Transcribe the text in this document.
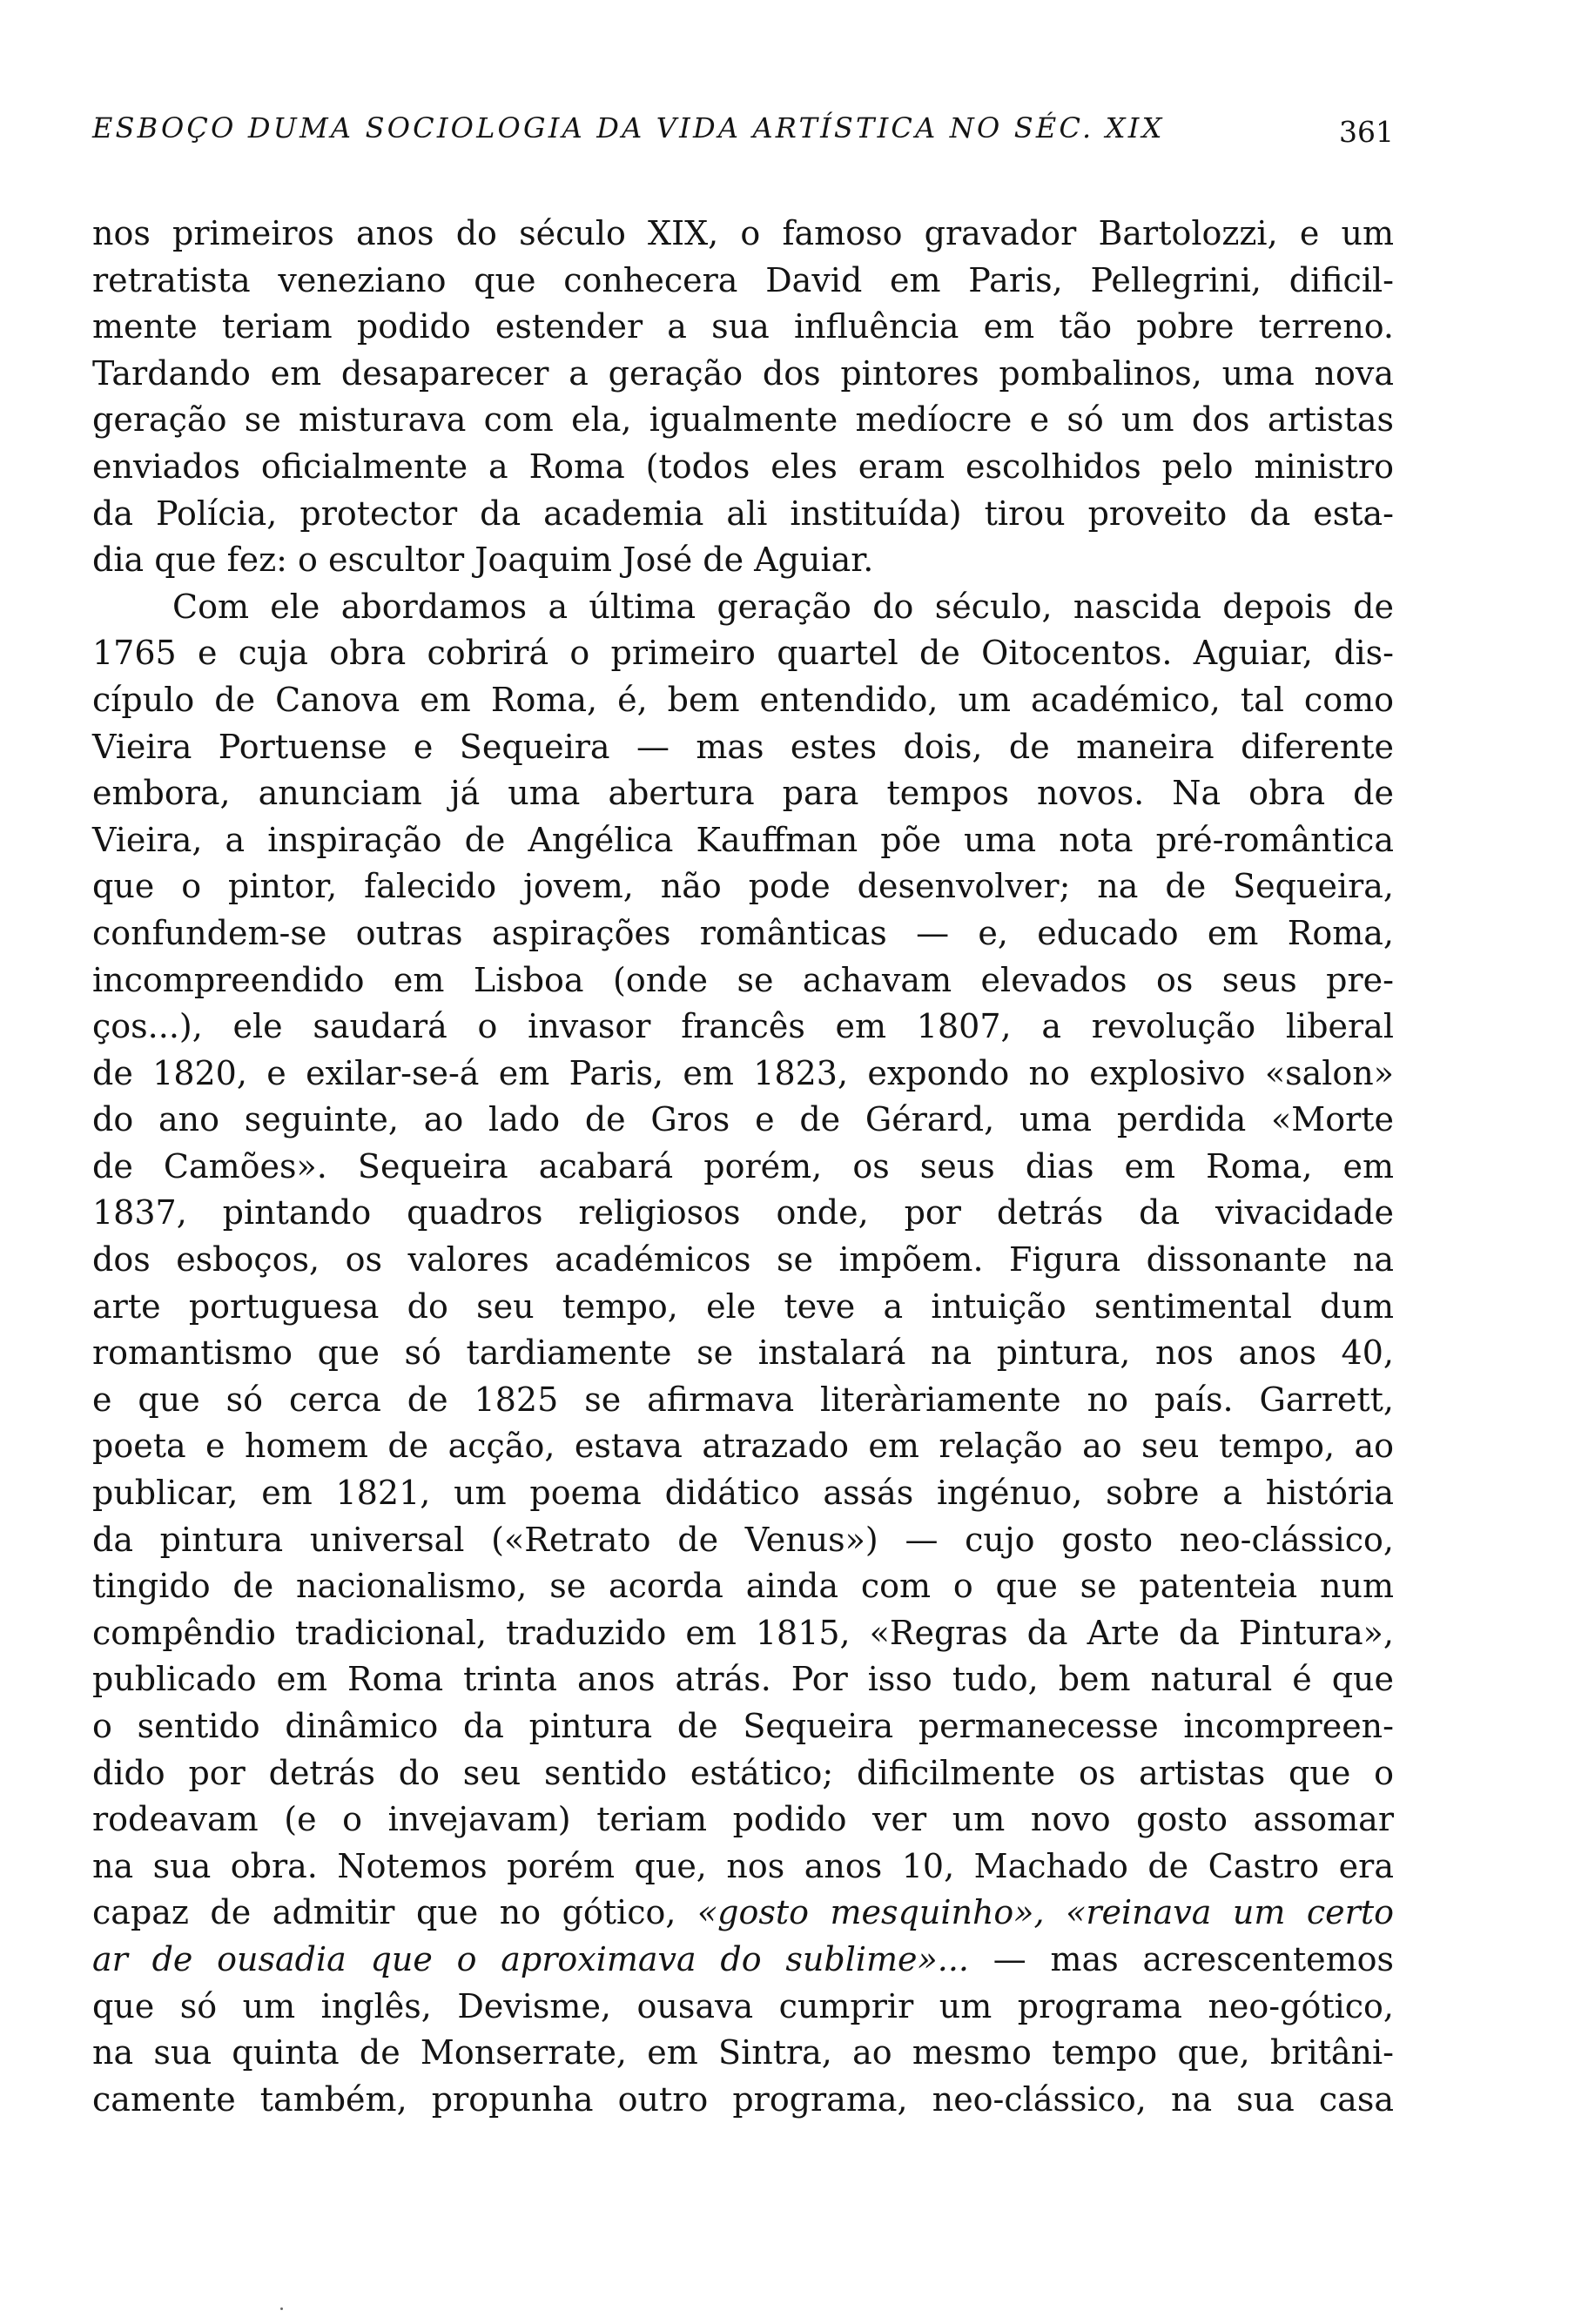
ESBOÇO DUMA SOCIOLOGIA DA VIDA ARTÍSTICA NO SÉC. XIX	361
nos primeiros anos do século XIX, o famoso gravador Bartolozzi, e um
retratista veneziano que conhecera David em Paris, Pellegrini, dificil-
mente teriam podido estender a sua influência em tão pobre terreno.
Tardando em desaparecer a geração dos pintores pombalinos, uma nova
geração se misturava com ela, igualmente medíocre e só um dos artistas
enviados oficialmente a Roma (todos eles eram escolhidos pelo ministro
da Polícia, protector da academia ali instituída) tirou proveito da esta-
dia que fez: o escultor Joaquim José de Aguiar.
Com ele abordamos a última geração do século, nascida depois de
1765 e cuja obra cobrirá o primeiro quartel de Oitocentos. Aguiar, dis-
cípulo de Canova em Roma, é, bem entendido, um académico, tal como
Vieira Portuense e Sequeira — mas estes dois, de maneira diferente
embora, anunciam já uma abertura para tempos novos. Na obra de
Vieira, a inspiração de Angélica Kauffman põe uma nota pré-romântica
que o pintor, falecido jovem, não pode desenvolver; na de Sequeira,
confundem-se outras aspirações românticas — e, educado em Roma,
incompreendido em Lisboa (onde se achavam elevados os seus pre-
ços...), ele saudará o invasor francês em 1807, a revolução liberal
de 1820, e exilar-se-á em Paris, em 1823, expondo no explosivo «salon»
do ano seguinte, ao lado de Gros e de Gérard, uma perdida «Morte
de Camões». Sequeira acabará porém, os seus dias em Roma, em
1837, pintando quadros religiosos onde, por detrás da vivacidade
dos esboços, os valores académicos se impõem. Figura dissonante na
arte portuguesa do seu tempo, ele teve a intuição sentimental dum
romantismo que só tardiamente se instalará na pintura, nos anos 40,
e que só cerca de 1825 se afirmava literàriamente no país. Garrett,
poeta e homem de acção, estava atrazado em relação ao seu tempo, ao
publicar, em 1821, um poema didático assás ingénuo, sobre a história
da pintura universal («Retrato de Venus») — cujo gosto neo-clássico,
tingido de nacionalismo, se acorda ainda com o que se patenteia num
compêndio tradicional, traduzido em 1815, «Regras da Arte da Pintura»,
publicado em Roma trinta anos atrás. Por isso tudo, bem natural é que
o sentido dinâmico da pintura de Sequeira permanecesse incompreen-
dido por detrás do seu sentido estático; dificilmente os artistas que o
rodeavam (e o invejavam) teriam podido ver um novo gosto assomar
na sua obra. Notemos porém que, nos anos 10, Machado de Castro era
capaz de admitir que no gótico, «gosto mesquinho», «reinava um certo
ar de ousadia que o aproximava do sublime»... — mas acrescentemos
que só um inglês, Devisme, ousava cumprir um programa neo-gótico,
na sua quinta de Monserrate, em Sintra, ao mesmo tempo que, britâni-
camente também, propunha outro programa, neo-clássico, na sua casa
